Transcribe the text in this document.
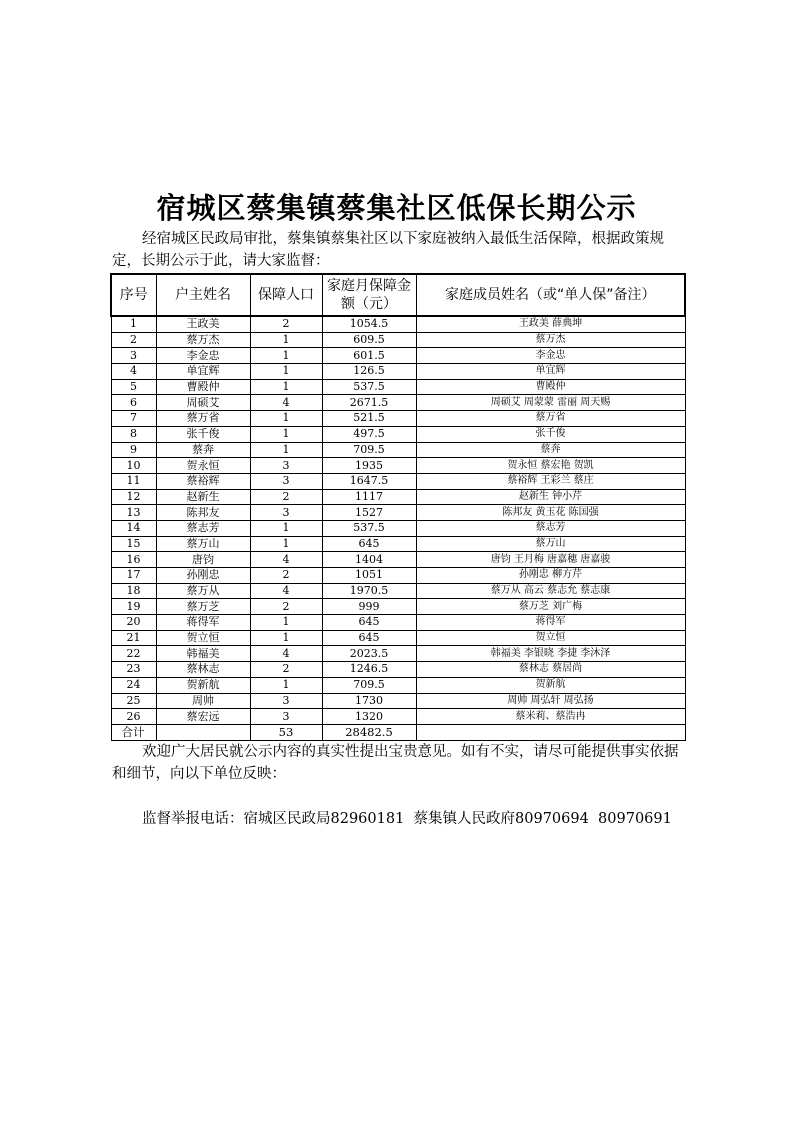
宿城区蔡集镇蔡集社区低保长期公示
经宿城区民政局审批，蔡集镇蔡集社区以下家庭被纳入最低生活保障，根据政策规定，长期公示于此，请大家监督：
序号	户主姓名	保障人口	家庭月保障金额（元）	家庭成员姓名（或“单人保”备注）
1	王政美	2	1054.5	王政美 薛典坤
2	蔡万杰	1	609.5	蔡万杰
3	李金忠	1	601.5	李金忠
4	单宜辉	1	126.5	单宜辉
5	曹殿仲	1	537.5	曹殿仲
6	周硕艾	4	2671.5	周硕艾 周蒙蒙 雷丽 周天赐
7	蔡万省	1	521.5	蔡万省
8	张千俊	1	497.5	张千俊
9	蔡奔	1	709.5	蔡奔
10	贺永恒	3	1935	贺永恒 蔡宏艳 贺凯
11	蔡裕辉	3	1647.5	蔡裕辉 王彩兰 蔡庄
12	赵新生	2	1117	赵新生 钟小芹
13	陈邦友	3	1527	陈邦友 黄玉花 陈国强
14	蔡志芳	1	537.5	蔡志芳
15	蔡万山	1	645	蔡万山
16	唐钧	4	1404	唐钧 王月梅 唐嘉穗 唐嘉骏
17	孙刚忠	2	1051	孙刚忠 柳方芹
18	蔡万从	4	1970.5	蔡万从 高云 蔡志允 蔡志康
19	蔡万芝	2	999	蔡万芝 刘广梅
20	蒋得军	1	645	蒋得军
21	贺立恒	1	645	贺立恒
22	韩福美	4	2023.5	韩福美 李银晓 李捷 李沐泽
23	蔡林志	2	1246.5	蔡林志 蔡居尚
24	贺新航	1	709.5	贺新航
25	周帅	3	1730	周帅 周弘轩 周弘扬
26	蔡宏远	3	1320	蔡米莉、蔡浩冉
合计		53	28482.5	
欢迎广大居民就公示内容的真实性提出宝贵意见。如有不实，请尽可能提供事实依据和细节，向以下单位反映：
监督举报电话：宿城区民政局82960181  蔡集镇人民政府80970694  80970691
